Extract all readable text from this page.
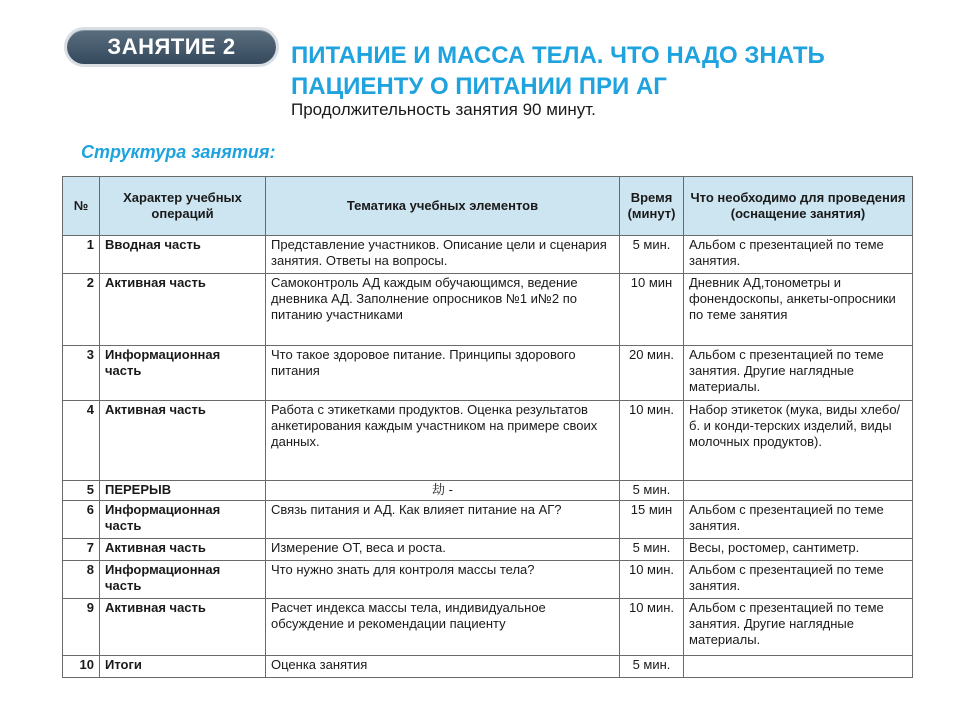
ЗАНЯТИЕ 2	ПИТАНИЕ И МАССА ТЕЛА. ЧТО НАДО ЗНАТЬ ПАЦИЕНТУ О ПИТАНИИ ПРИ АГ
Продолжительность занятия 90 минут.
Структура занятия:
№	Характер учебных операций	Тематика учебных элементов	Время (минут)	Что необходимо для проведения (оснащение занятия)
1	Вводная часть	Представление участников. Описание цели и сценария занятия. Ответы на вопросы.	5 мин.	Альбом с презентацией по теме занятия.
2	Активная часть	Самоконтроль АД каждым обучающимся, ведение дневника АД. Заполнение опросников №1 и№2 по питанию участниками	10 мин	Дневник АД,тонометры и фонендоскопы, анкеты-опросники по теме занятия
3	Информационная часть	Что такое здоровое питание. Принципы здорового питания	20 мин.	Альбом с презентацией по теме занятия. Другие наглядные материалы.
4	Активная часть	Работа с этикетками продуктов. Оценка результатов анкетирования каждым участником на примере своих данных.	10 мин.	Набор этикеток (мука, виды хлебо/б. и конди-терских изделий, виды молочных продуктов).
5	ПЕРЕРЫВ	劫 -	5 мин.	
6	Информационная часть	Связь питания и АД. Как влияет питание на АГ?	15 мин	Альбом с презентацией по теме занятия.
7	Активная часть	Измерение ОТ, веса и роста.	5 мин.	Весы, ростомер, сантиметр.
8	Информационная часть	Что нужно знать для контроля массы тела?	10 мин.	Альбом с презентацией по теме занятия.
9	Активная часть	Расчет индекса массы тела, индивидуальное обсуждение и рекомендации пациенту	10 мин.	Альбом с презентацией по теме занятия. Другие наглядные материалы.
10	Итоги	Оценка занятия	5 мин.	
